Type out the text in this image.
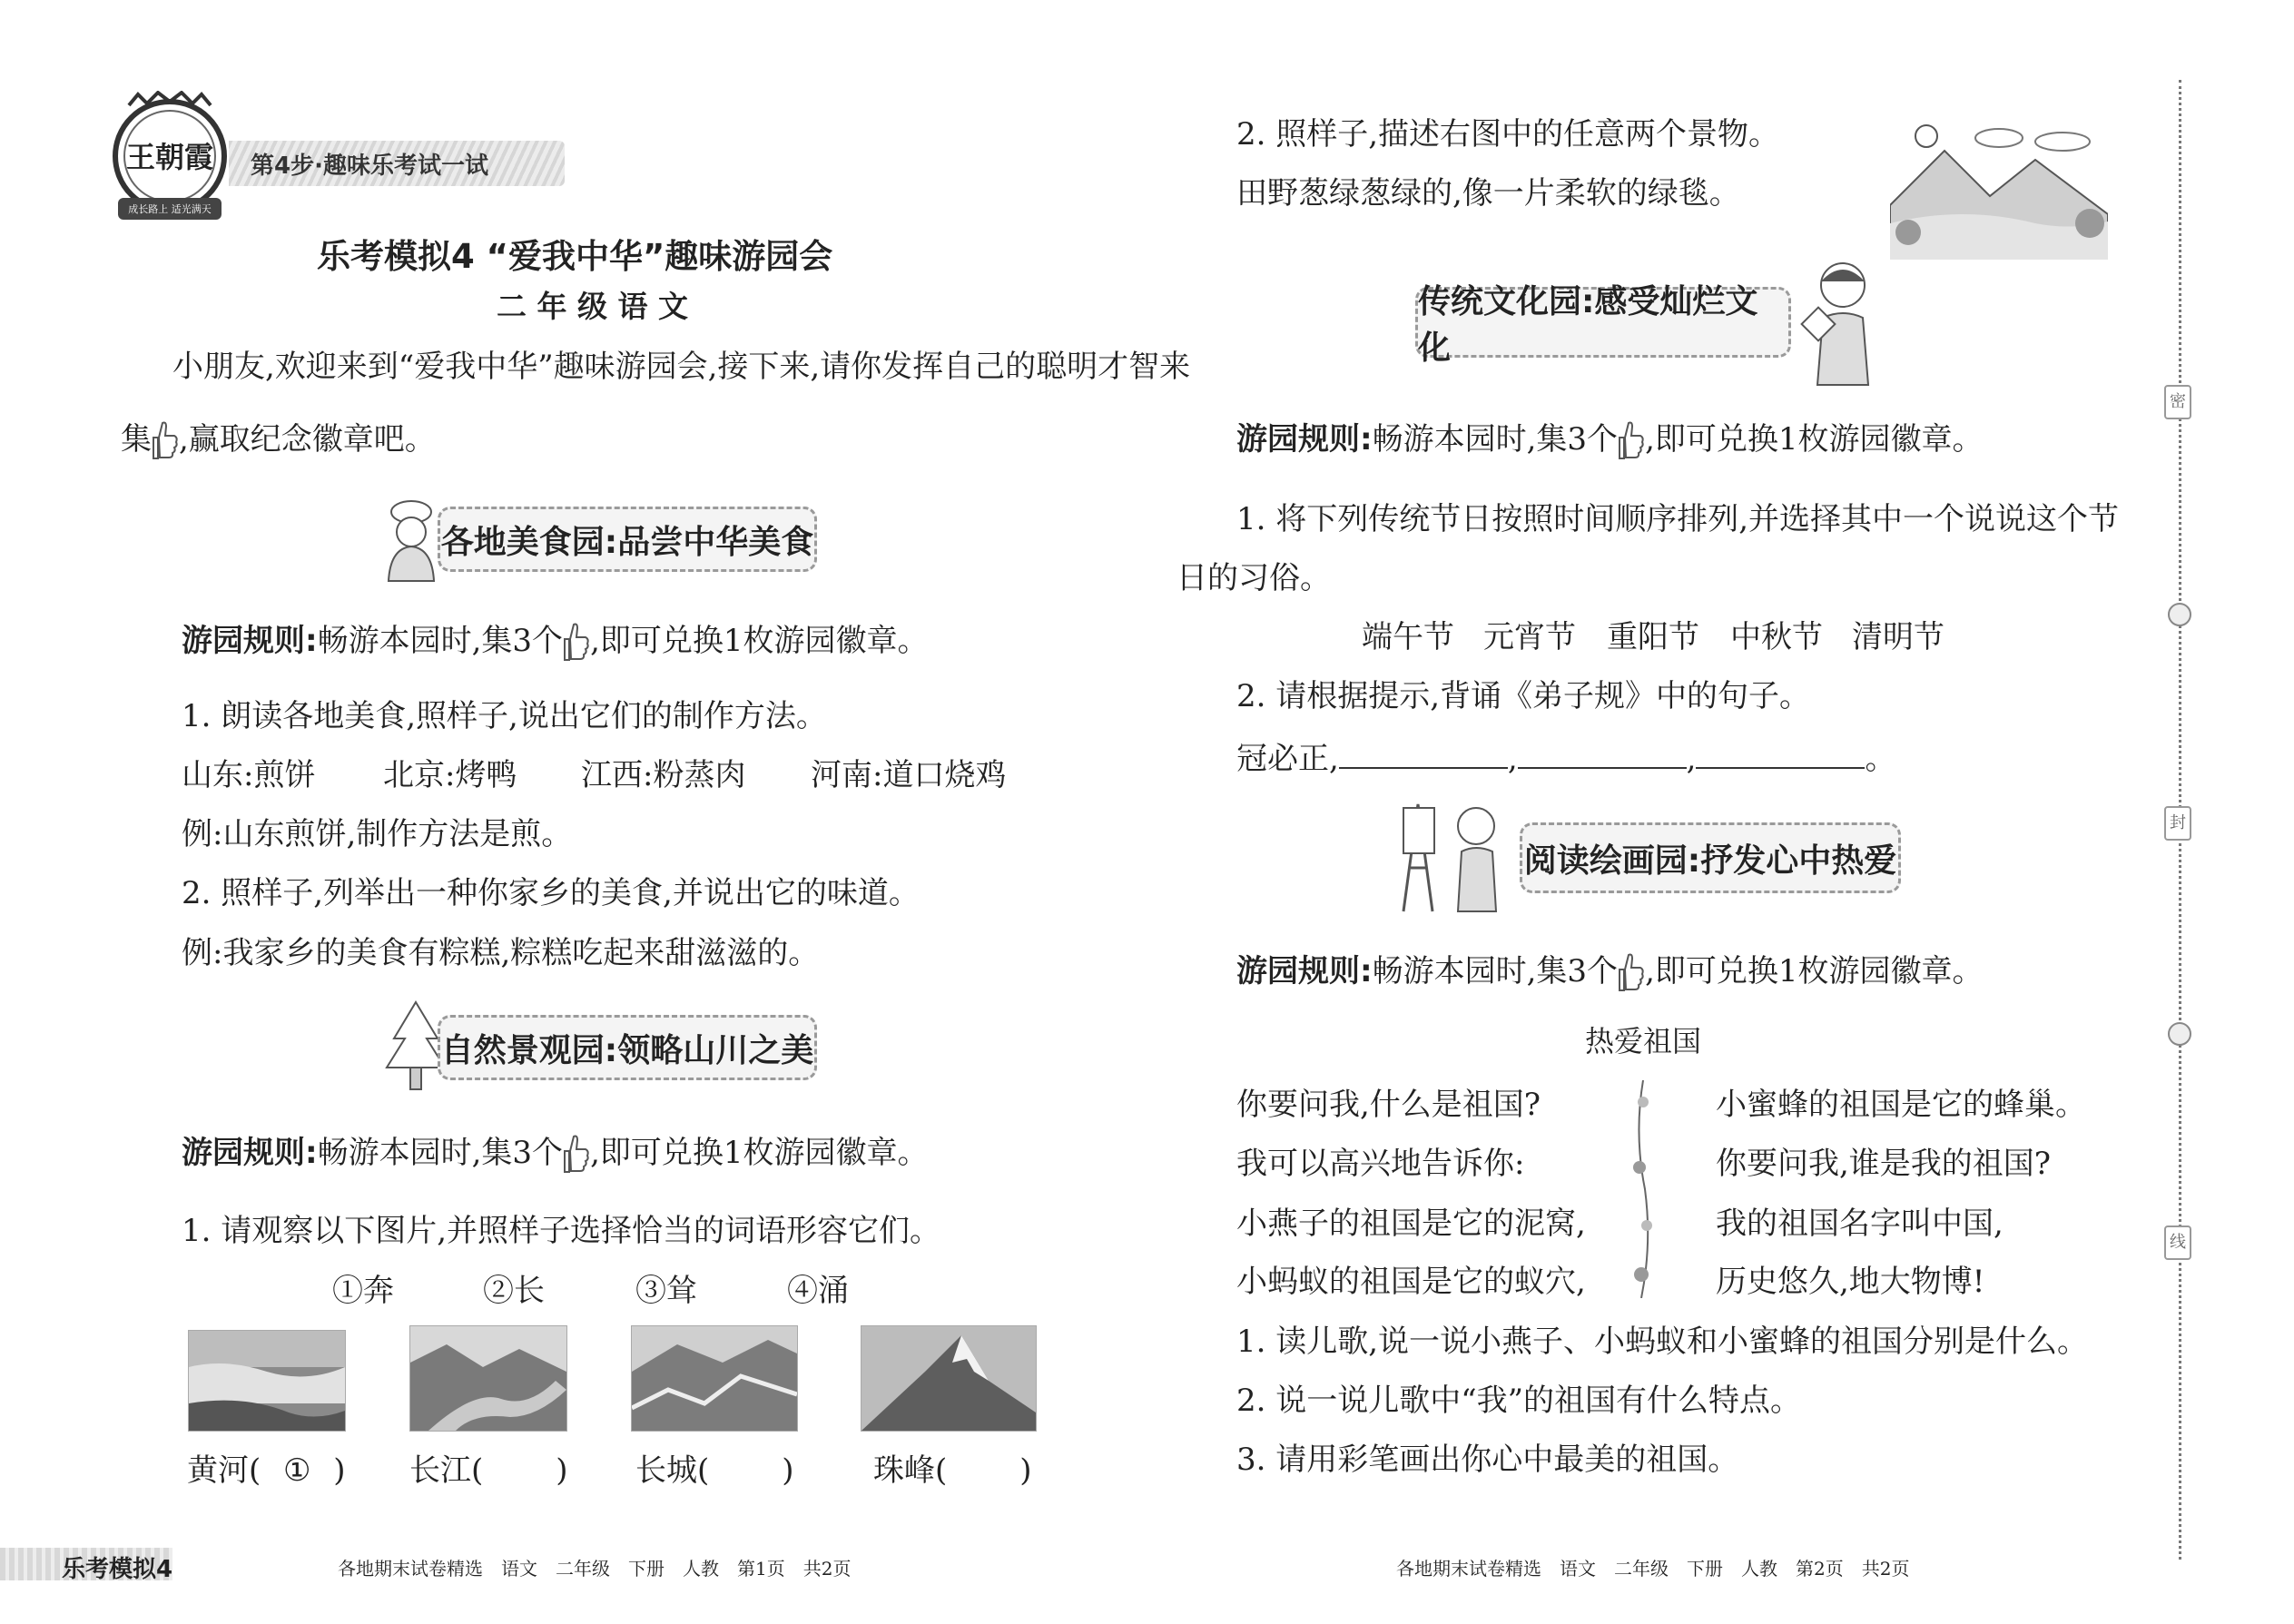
王朝霞
成长路上 适光满天
第4步·趣味乐考试一试
乐考模拟4 “爱我中华”趣味游园会
二 年 级 语 文
小朋友,欢迎来到“爱我中华”趣味游园会,接下来,请你发挥自己的聪明才智来
集 ,赢取纪念徽章吧。
各地美食园:品尝中华美食
游园规则:畅游本园时,集3个 ,即可兑换1枚游园徽章。
1. 朗读各地美食,照样子,说出它们的制作方法。
山东:煎饼 北京:烤鸭 江西:粉蒸肉 河南:道口烧鸡
例:山东煎饼,制作方法是煎。
2. 照样子,列举出一种你家乡的美食,并说出它的味道。
例:我家乡的美食有粽糕,粽糕吃起来甜滋滋的。
自然景观园:领略山川之美
游园规则:畅游本园时,集3个 ,即可兑换1枚游园徽章。
1. 请观察以下图片,并照样子选择恰当的词语形容它们。
①奔	②长	③耸	④涌
黄河( ① ) 长江( ) 长城( )	珠峰( )
乐考模拟4	各地期末试卷精选　语文　二年级　下册　人教　第1页　共2页
2. 照样子,描述右图中的任意两个景物。
田野葱绿葱绿的,像一片柔软的绿毯。
传统文化园:感受灿烂文化
游园规则:畅游本园时,集3个 ,即可兑换1枚游园徽章。
1. 将下列传统节日按照时间顺序排列,并选择其中一个说说这个节
日的习俗。
端午节 元宵节 重阳节 中秋节 清明节
2. 请根据提示,背诵《弟子规》中的句子。
冠必正,	,	,	。
阅读绘画园:抒发心中热爱
游园规则:畅游本园时,集3个 ,即可兑换1枚游园徽章。
热爱祖国
你要问我,什么是祖国?
我可以高兴地告诉你:
小燕子的祖国是它的泥窝,
小蚂蚁的祖国是它的蚁穴,
小蜜蜂的祖国是它的蜂巢。
你要问我,谁是我的祖国?
我的祖国名字叫中国,
历史悠久,地大物博!
1. 读儿歌,说一说小燕子、小蚂蚁和小蜜蜂的祖国分别是什么。
2. 说一说儿歌中“我”的祖国有什么特点。
3. 请用彩笔画出你心中最美的祖国。
各地期末试卷精选　语文　二年级　下册　人教　第2页　共2页
密
封
线
